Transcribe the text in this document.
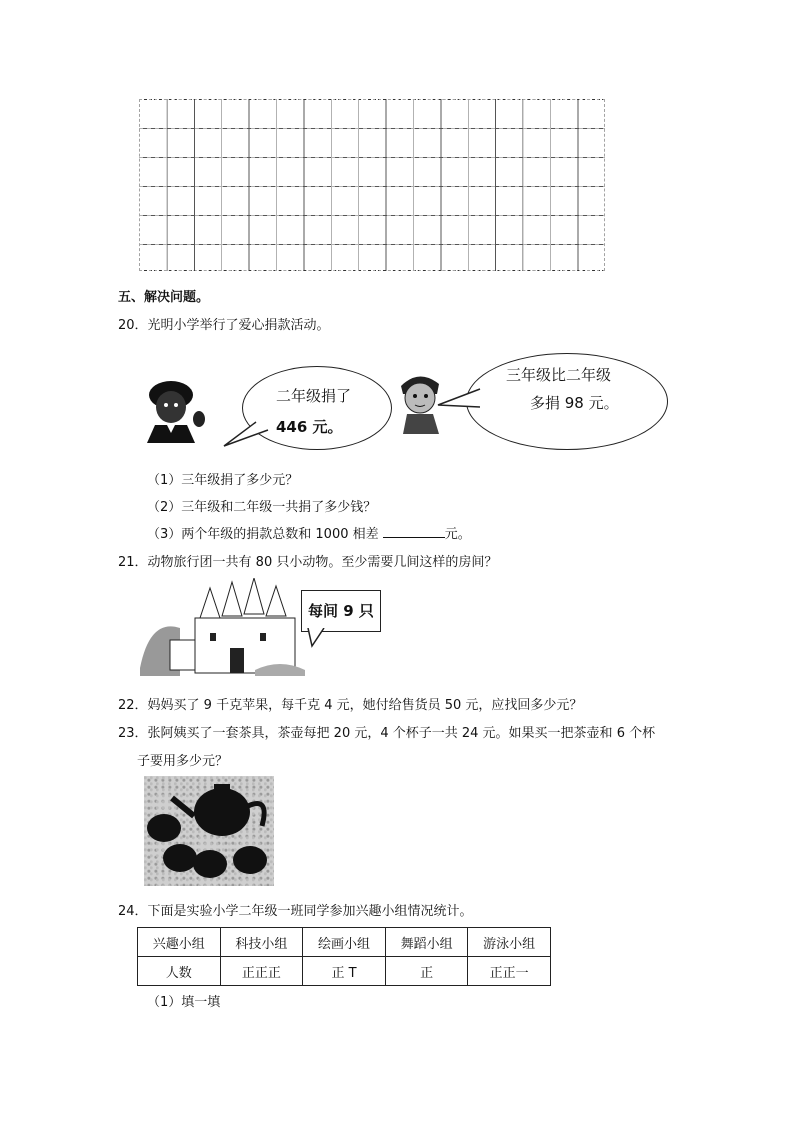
五、解决问题。
20．光明小学举行了爱心捐款活动。
二年级捐了
446 元。
三年级比二年级
多捐 98 元。
（1）三年级捐了多少元？
（2）三年级和二年级一共捐了多少钱？
（3）两个年级的捐款总数和 1000 相差	元。
21．动物旅行团一共有 80 只小动物。至少需要几间这样的房间？
每间 9 只
22．妈妈买了 9 千克苹果，每千克 4 元，她付给售货员 50 元，应找回多少元？
23．张阿姨买了一套茶具，茶壶每把 20 元，4 个杯子一共 24 元。如果买一把茶壶和 6 个杯
子要用多少元？
24．下面是实验小学二年级一班同学参加兴趣小组情况统计。
兴趣小组	科技小组	绘画小组	舞蹈小组	游泳小组
人数	正正正	正 T	正	正正一
（1）填一填
